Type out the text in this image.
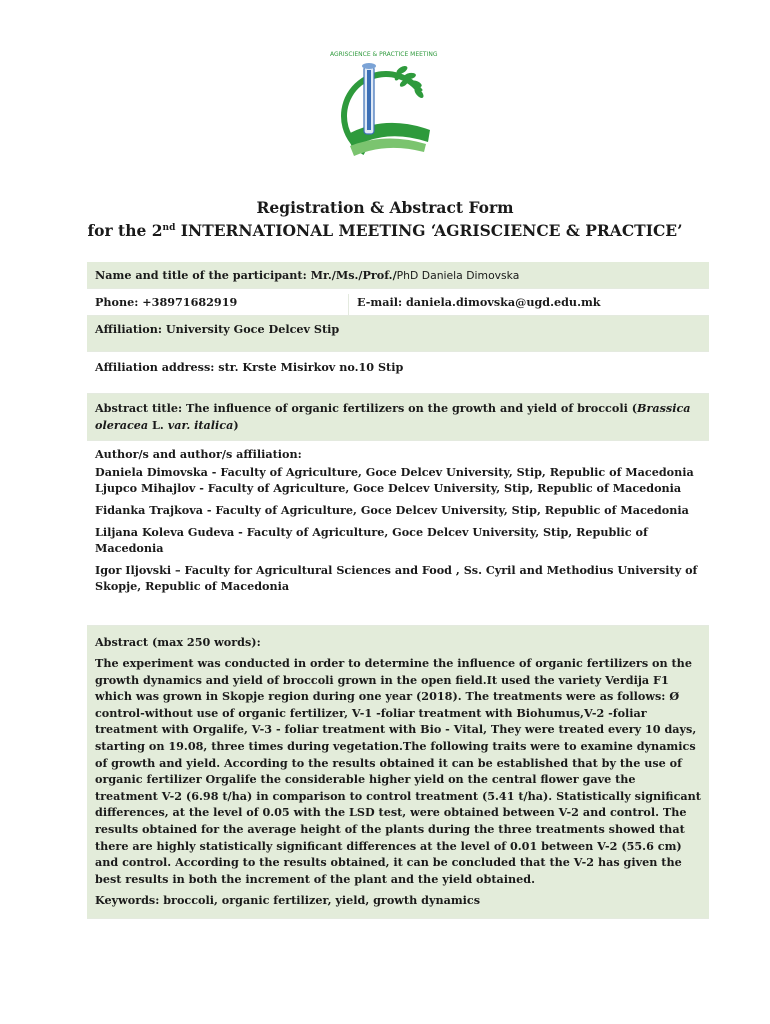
AGRISCIENCE & PRACTICE MEETING
Registration & Abstract Form
for the 2nd INTERNATIONAL MEETING ‘AGRISCIENCE & PRACTICE’
Name and title of the participant: Mr./Ms./Prof./PhD Daniela Dimovska
Phone: +38971682919	E-mail: daniela.dimovska@ugd.edu.mk
Affiliation: University Goce Delcev Stip
Affiliation address: str. Krste Misirkov no.10 Stip
Abstract title: The influence of organic fertilizers on the growth and yield of broccoli (Brassica oleracea L. var. italica)
Author/s and author/s affiliation:
Daniela Dimovska - Faculty of Agriculture, Goce Delcev University, Stip, Republic of Macedonia
Ljupco Mihajlov - Faculty of Agriculture, Goce Delcev University, Stip, Republic of Macedonia
Fidanka Trajkova - Faculty of Agriculture, Goce Delcev University, Stip, Republic of Macedonia
Liljana Koleva Gudeva - Faculty of Agriculture, Goce Delcev University, Stip, Republic of Macedonia
Igor Iljovski – Faculty for Agricultural Sciences and Food , Ss. Cyril and Methodius University of Skopje, Republic of Macedonia
Abstract (max 250 words):
The experiment was conducted in order to determine the influence of organic fertilizers on the growth dynamics and yield of broccoli grown in the open field.It used the variety Verdija F1 which was grown in Skopje region during one year (2018). The treatments were as follows: Ø control-without use of organic fertilizer, V-1 -foliar treatment with Biohumus,V-2 -foliar treatment with Orgalife, V-3 - foliar treatment with Bio - Vital, They were treated every 10 days, starting on 19.08, three times during vegetation.The following traits were to examine dynamics of growth and yield. According to the results obtained it can be established that by the use of organic fertilizer Orgalife the considerable higher yield on the central flower gave the treatment V-2 (6.98 t/ha) in comparison to control treatment (5.41 t/ha). Statistically significant differences, at the level of 0.05 with the LSD test, were obtained between V-2 and control. The results obtained for the average height of the plants during the three treatments showed that there are highly statistically significant differences at the level of 0.01 between V-2 (55.6 cm) and control. According to the results obtained, it can be concluded that the V-2 has given the best results in both the increment of the plant and the yield obtained.
Keywords: broccoli, organic fertilizer, yield, growth dynamics
